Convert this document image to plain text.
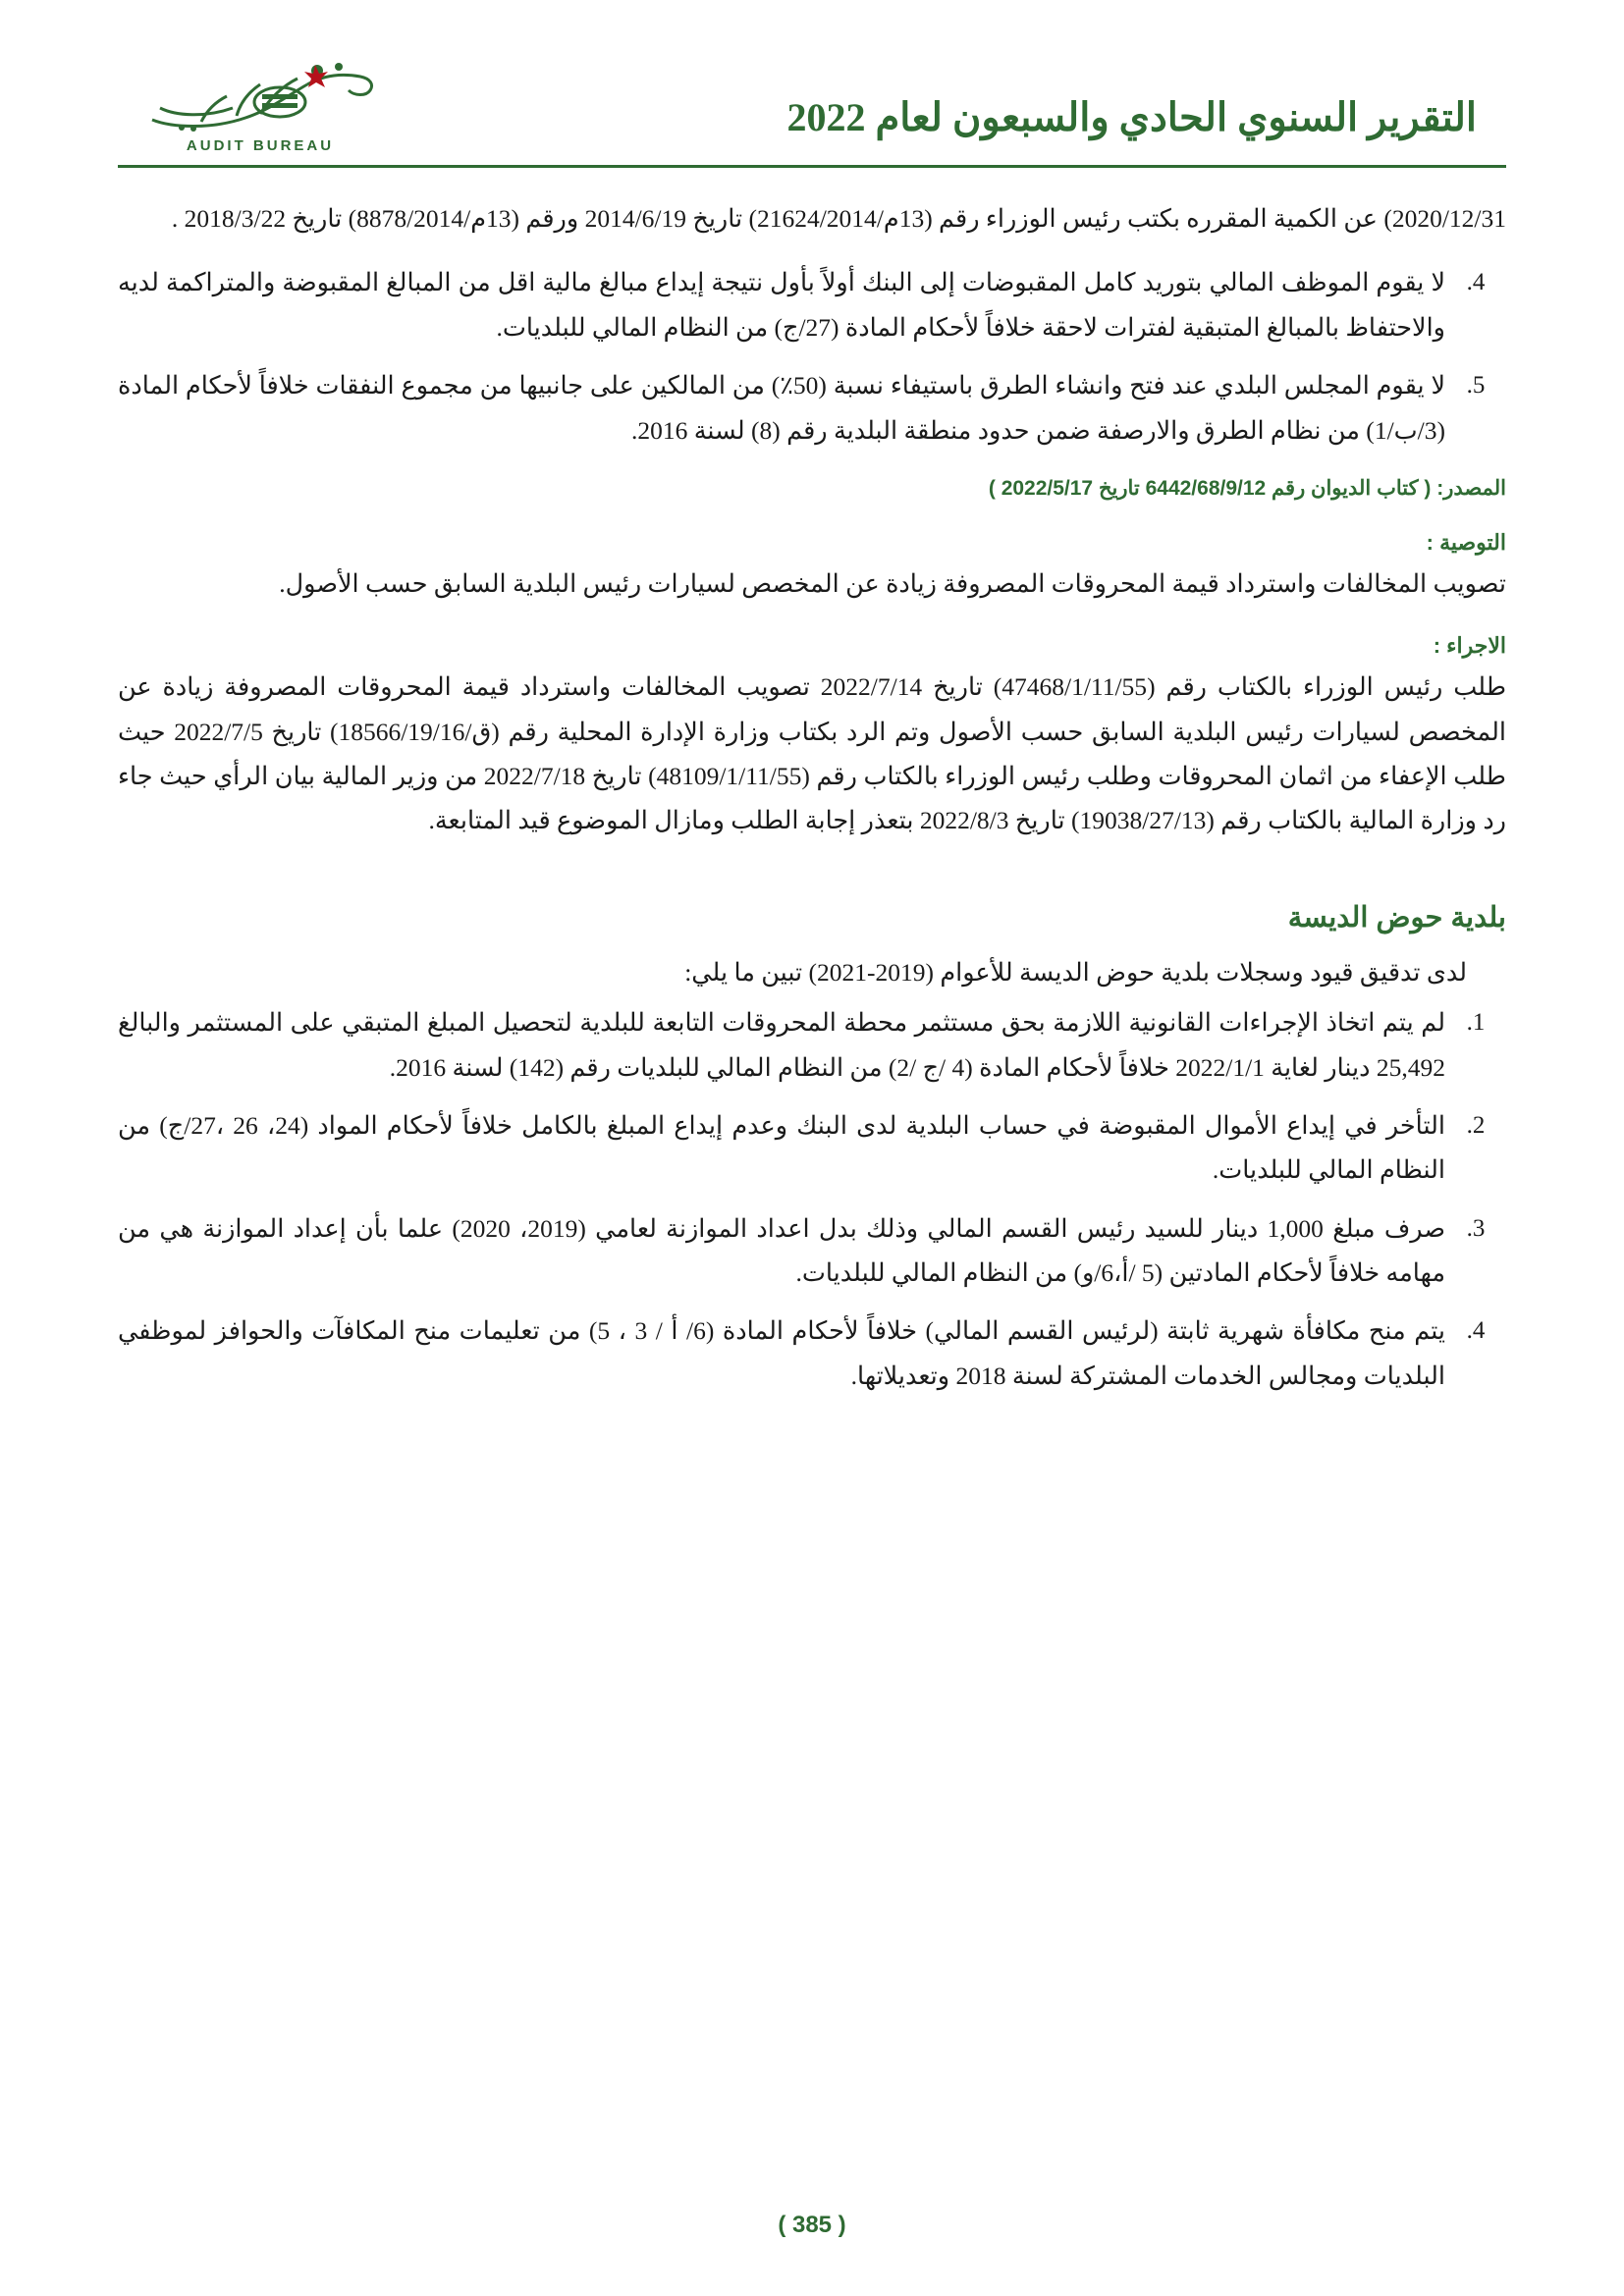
التقرير السنوي الحادي والسبعون لعام 2022
AUDIT BUREAU

2020/12/31) عن الكمية المقرره بكتب رئيس الوزراء رقم (13م/21624/2014) تاريخ 2014/6/19 ورقم (13م/8878/2014) تاريخ 2018/3/22 .

.4
لا يقوم الموظف المالي بتوريد كامل المقبوضات إلى البنك أولاً بأول نتيجة إيداع مبالغ مالية اقل من المبالغ المقبوضة والمتراكمة لديه والاحتفاظ بالمبالغ المتبقية لفترات لاحقة خلافاً لأحكام المادة (27/ج) من النظام المالي للبلديات.
.5
لا يقوم المجلس البلدي عند فتح وانشاء الطرق باستيفاء نسبة (50٪) من المالكين على جانبيها من مجموع النفقات خلافاً لأحكام المادة (3/ب/1) من نظام الطرق والارصفة ضمن حدود منطقة البلدية رقم (8) لسنة 2016.
المصدر: ( كتاب الديوان رقم 6442/68/9/12 تاريخ 2022/5/17 )
التوصية :

تصويب المخالفات واسترداد قيمة المحروقات المصروفة زيادة عن المخصص لسيارات رئيس البلدية السابق حسب الأصول.

الاجراء :

طلب رئيس الوزراء بالكتاب رقم (47468/1/11/55) تاريخ 2022/7/14 تصويب المخالفات واسترداد قيمة المحروقات المصروفة زيادة عن المخصص لسيارات رئيس البلدية السابق حسب الأصول وتم الرد بكتاب وزارة الإدارة المحلية رقم (ق/18566/19/16) تاريخ 2022/7/5 حيث طلب الإعفاء من اثمان المحروقات وطلب رئيس الوزراء بالكتاب رقم (48109/1/11/55) تاريخ 2022/7/18 من وزير المالية بيان الرأي حيث جاء رد وزارة المالية بالكتاب رقم (19038/27/13) تاريخ 2022/8/3 بتعذر إجابة الطلب ومازال الموضوع قيد المتابعة.

بلدية حوض الديسة

لدى تدقيق قيود وسجلات بلدية حوض الديسة للأعوام (2019-2021) تبين ما يلي:

.1
لم يتم اتخاذ الإجراءات القانونية اللازمة بحق مستثمر محطة المحروقات التابعة للبلدية لتحصيل المبلغ المتبقي على المستثمر والبالغ 25,492 دينار لغاية 2022/1/1 خلافاً لأحكام المادة (4 /ج /2) من النظام المالي للبلديات رقم (142) لسنة 2016.
.2
التأخر في إيداع الأموال المقبوضة في حساب البلدية لدى البنك وعدم إيداع المبلغ بالكامل خلافاً لأحكام المواد (24، 26 ،27/ج) من النظام المالي للبلديات.
.3
صرف مبلغ 1,000 دينار للسيد رئيس القسم المالي وذلك بدل اعداد الموازنة لعامي (2019، 2020) علما بأن إعداد الموازنة هي من مهامه خلافاً لأحكام المادتين (5 /أ،6/و) من النظام المالي للبلديات.
.4
يتم منح مكافأة شهرية ثابتة (لرئيس القسم المالي) خلافاً لأحكام المادة (6/ أ / 3 ، 5) من تعليمات منح المكافآت والحوافز لموظفي البلديات ومجالس الخدمات المشتركة لسنة 2018 وتعديلاتها.
( 385 )
